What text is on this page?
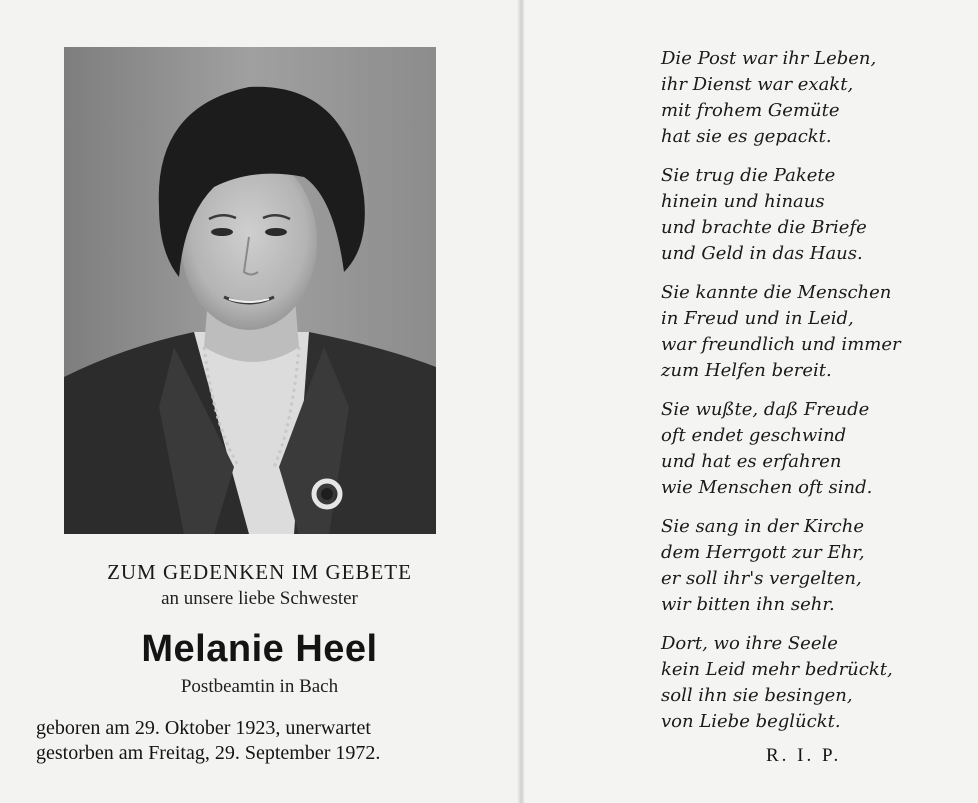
ZUM GEDENKEN IM GEBETE
an unsere liebe Schwester
Melanie Heel
Postbeamtin in Bach
geboren am 29. Oktober 1923, unerwartet
gestorben am Freitag, 29. September 1972.
Die Post war ihr Leben,
ihr Dienst war exakt,
mit frohem Gemüte
hat sie es gepackt.
Sie trug die Pakete
hinein und hinaus
und brachte die Briefe
und Geld in das Haus.
Sie kannte die Menschen
in Freud und in Leid,
war freundlich und immer
zum Helfen bereit.
Sie wußte, daß Freude
oft endet geschwind
und hat es erfahren
wie Menschen oft sind.
Sie sang in der Kirche
dem Herrgott zur Ehr,
er soll ihr's vergelten,
wir bitten ihn sehr.
Dort, wo ihre Seele
kein Leid mehr bedrückt,
soll ihn sie besingen,
von Liebe beglückt.
R. I. P.
